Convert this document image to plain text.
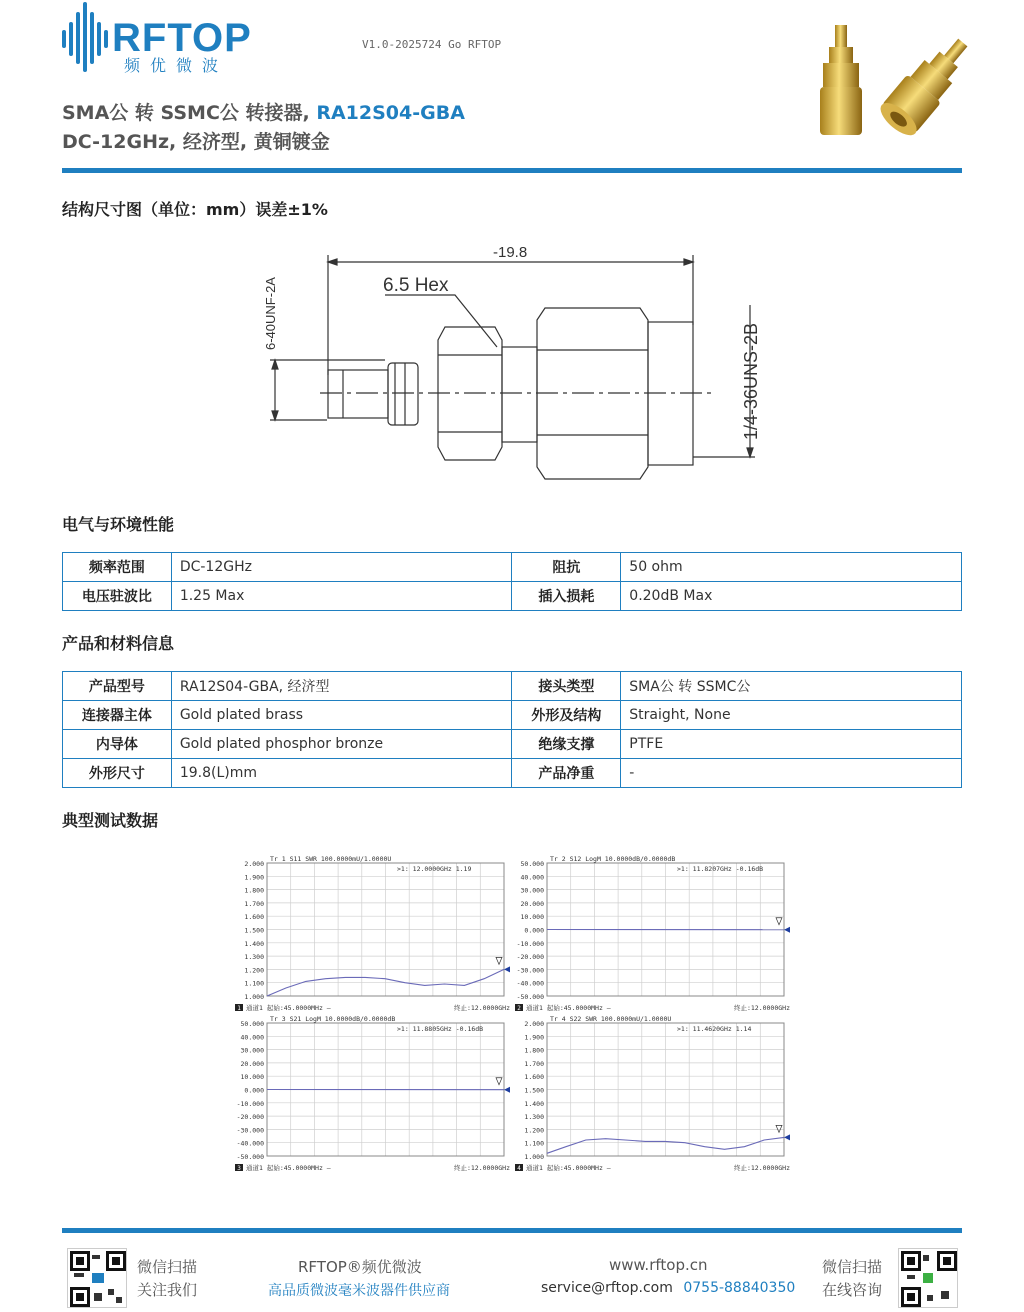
RFTOP
频优微波
V1.0-2025724 Go RFTOP
SMA公 转 SSMC公 转接器, RA12S04-GBA
DC-12GHz, 经济型, 黄铜镀金
结构尺寸图（单位：mm）误差±1%
-19.8
6.5 Hex
6-40UNF-2A
1/4-36UNS-2B
电气与环境性能
频率范围	DC-12GHz	阻抗	50 ohm
电压驻波比	1.25 Max	插入损耗	0.20dB Max
产品和材料信息
产品型号	RA12S04-GBA, 经济型	接头类型	SMA公 转 SSMC公
连接器主体	Gold plated brass	外形及结构	Straight, None
内导体	Gold plated phosphor bronze	绝缘支撑	PTFE
外形尺寸	19.8(L)mm	产品净重	-
典型测试数据
2.000
1.900
1.800
1.700
1.600
1.500
1.400
1.300
1.200
1.100
1.000
Tr 1 S11 SWR 100.0000mU/1.0000U
>1: 12.0000GHz 1.19
1 通道1 起始:45.0000MHz —	终止:12.0000GHz
50.000
40.000
30.000
20.000
10.000
0.000
-10.000
-20.000
-30.000
-40.000
-50.000
Tr 2 S12 LogM 10.0000dB/0.0000dB
>1: 11.8207GHz -0.16dB
2 通道1 起始:45.0000MHz —	终止:12.0000GHz
50.000
40.000
30.000
20.000
10.000
0.000
-10.000
-20.000
-30.000
-40.000
-50.000
Tr 3 S21 LogM 10.0000dB/0.0000dB
>1: 11.8805GHz -0.16dB
3 通道1 起始:45.0000MHz —	终止:12.0000GHz
2.000
1.900
1.800
1.700
1.600
1.500
1.400
1.300
1.200
1.100
1.000
Tr 4 S22 SWR 100.0000mU/1.0000U
>1: 11.4620GHz 1.14
4 通道1 起始:45.0000MHz —	终止:12.0000GHz
微信扫描
关注我们
RFTOP®频优微波
高品质微波毫米波器件供应商
www.rftop.cn
service@rftop.com 0755-88840350
微信扫描
在线咨询
